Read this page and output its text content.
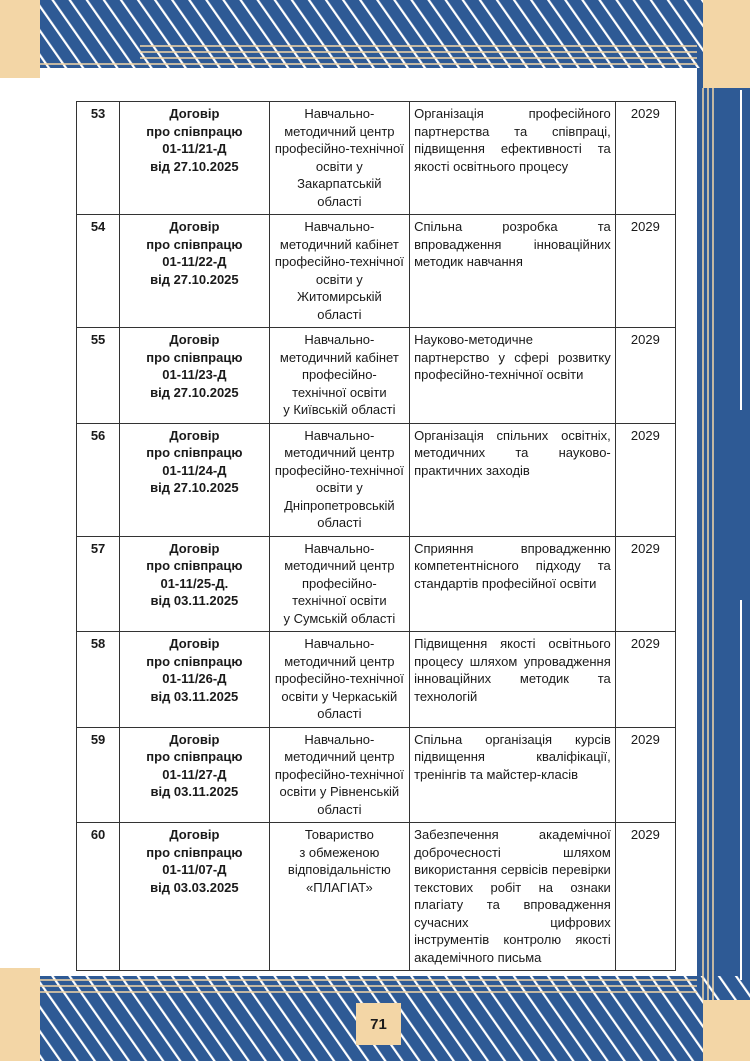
53	Договір
про співпрацю
01-11/21-Д
від 27.10.2025	Навчально-
методичний центр
професійно-технічної освіти у Закарпатській області	Організація професійного партнерства та співпраці, підвищення ефективності та якості освітнього процесу	2029
54	Договір
про співпрацю
01-11/22-Д
від 27.10.2025	Навчально-
методичний кабінет
професійно-технічної освіти у Житомирській області	Спільна розробка та впровадження інноваційних методик навчання	2029
55	Договір
про співпрацю
01-11/23-Д
від 27.10.2025	Навчально-
методичний кабінет
професійно-
технічної освіти
у Київській області	Науково-методичне партнерство у сфері розвитку професійно-технічної освіти	2029
56	Договір
про співпрацю
01-11/24-Д
від 27.10.2025	Навчально-
методичний центр
професійно-технічної освіти у Дніпропетровській області	Організація спільних освітніх, методичних та науково-практичних заходів	2029
57	Договір
про співпрацю
01-11/25-Д.
від 03.11.2025	Навчально-
методичний центр
професійно-
технічної освіти
у Сумській області	Сприяння впровадженню компетентнісного підходу та стандартів професійної освіти	2029
58	Договір
про співпрацю
01-11/26-Д
від 03.11.2025	Навчально-
методичний центр
професійно-технічної освіти у Черкаській області	Підвищення якості освітнього процесу шляхом упровадження інноваційних методик та технологій	2029
59	Договір
про співпрацю
01-11/27-Д
від 03.11.2025	Навчально-
методичний центр
професійно-технічної освіти у Рівненській області	Спільна організація курсів підвищення кваліфікації, тренінгів та майстер-класів	2029
60	Договір
про співпрацю
01-11/07-Д
від 03.03.2025	Товариство
з обмеженою
відповідальністю
«ПЛАГІАТ»	Забезпечення академічної доброчесності шляхом використання сервісів перевірки текстових робіт на ознаки плагіату та впровадження сучасних цифрових інструментів контролю якості академічного письма	2029
71
